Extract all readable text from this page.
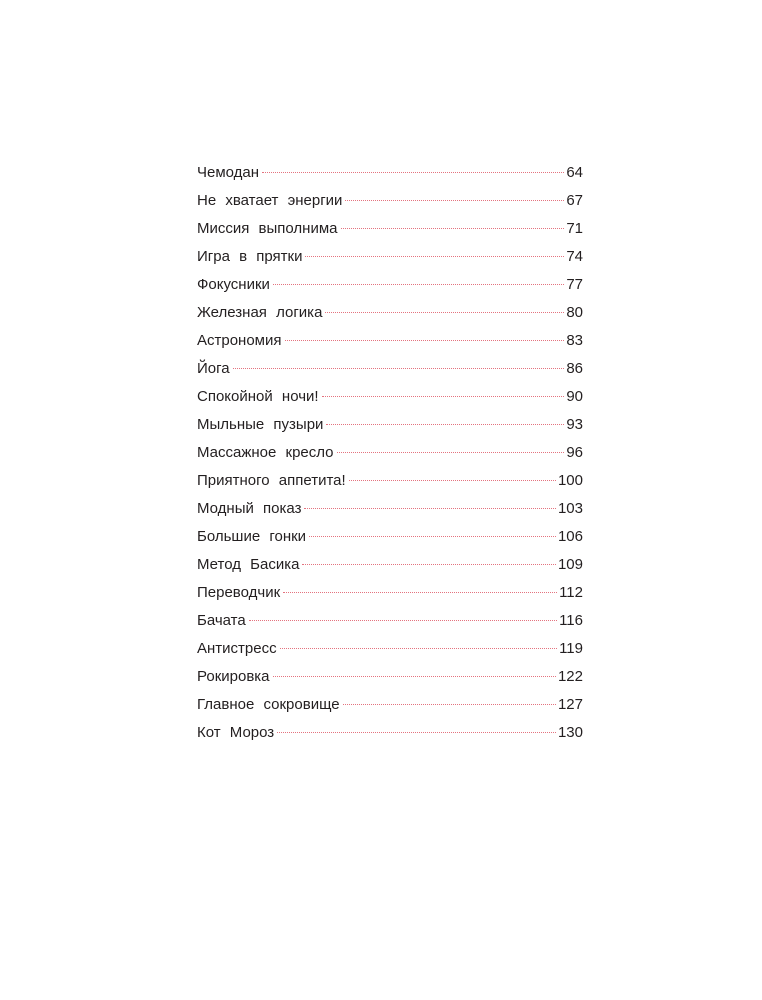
Чемодан	64
Не хватает энергии	67
Миссия выполнима	71
Игра в прятки	74
Фокусники	77
Железная логика	80
Астрономия	83
Йога	86
Спокойной ночи!	90
Мыльные пузыри	93
Массажное кресло	96
Приятного аппетита!	100
Модный показ	103
Большие гонки	106
Метод Басика	109
Переводчик	112
Бачата	116
Антистресс	119
Рокировка	122
Главное сокровище	127
Кот Мороз	130
